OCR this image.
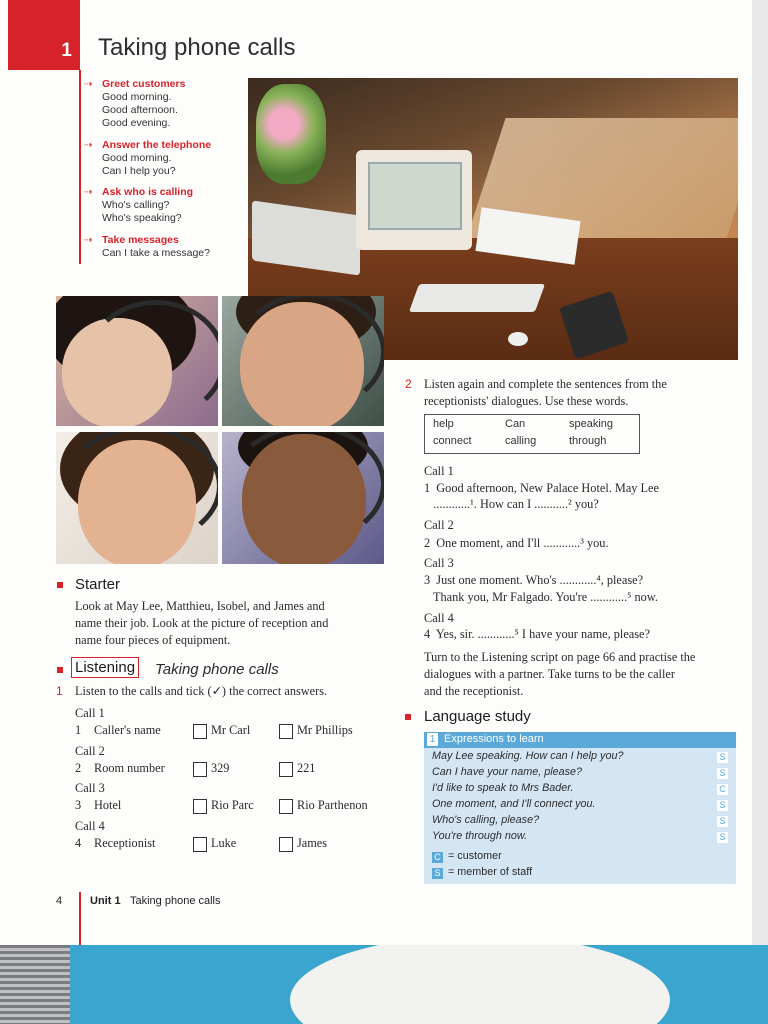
1 Taking phone calls
⇢ Greet customers
Good morning.
Good afternoon.
Good evening.
⇢ Answer the telephone
Good morning.
Can I help you?
⇢ Ask who is calling
Who's calling?
Who's speaking?
⇢ Take messages
Can I take a message?
Starter
Look at May Lee, Matthieu, Isobel, and James and
name their job. Look at the picture of reception and
name four pieces of equipment.
Listening Taking phone calls
1 Listen to the calls and tick (✓) the correct answers.
Call 1
1 Caller's name	Mr Carl	Mr Phillips
Call 2
2 Room number	329	221
Call 3
3 Hotel	Rio Parc	Rio Parthenon
Call 4
4 Receptionist	Luke	James
2 Listen again and complete the sentences from the
receptionists' dialogues. Use these words.
help	Can	speaking
connect	calling	through
Call 1
1  Good afternoon, New Palace Hotel. May Lee
............¹. How can I ...........² you?
Call 2
2  One moment, and I'll ............³ you.
Call 3
3  Just one moment. Who's ............⁴, please?
Thank you, Mr Falgado. You're ............⁵ now.
Call 4
4  Yes, sir. ............⁵ I have your name, please?
Turn to the Listening script on page 66 and practise the
dialogues with a partner. Take turns to be the caller
and the receptionist.
Language study
1 Expressions to learn
May Lee speaking. How can I help you?	S
Can I have your name, please?	S
I'd like to speak to Mrs Bader.	C
One moment, and I'll connect you.	S
Who's calling, please?	S
You're through now.	S
C = customer
S = member of staff
4	Unit 1 Taking phone calls
